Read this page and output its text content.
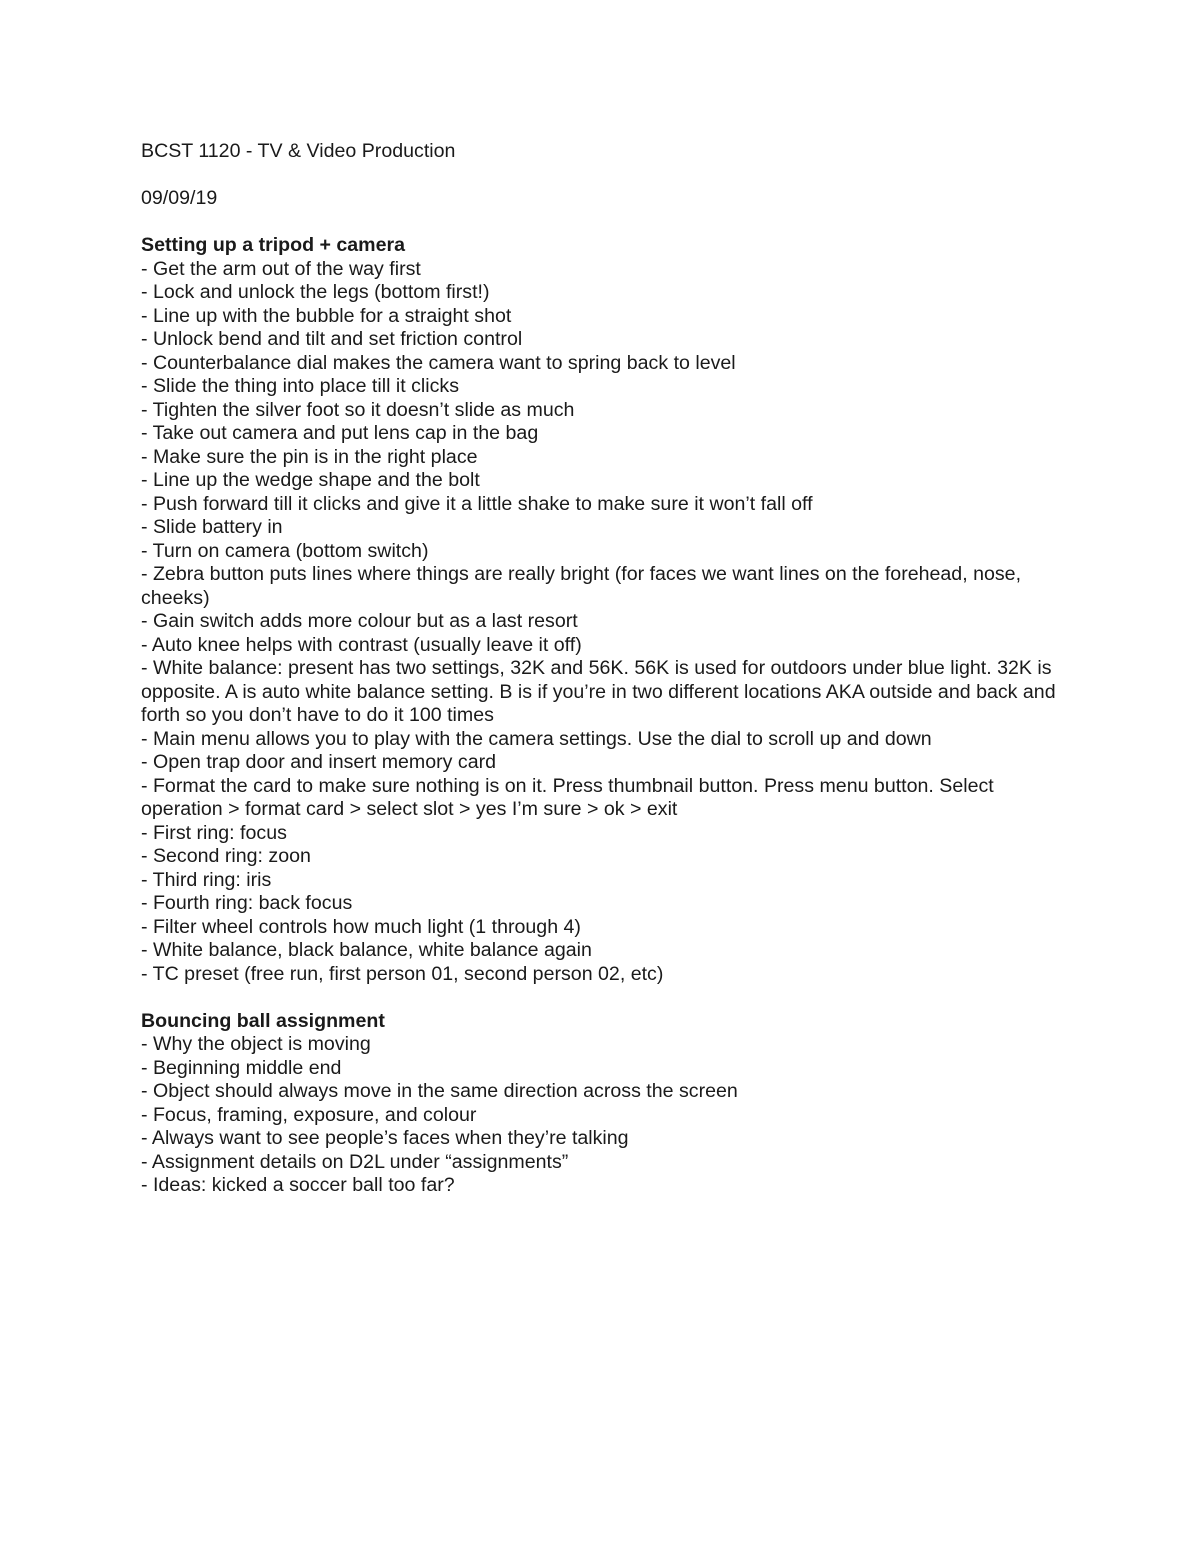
BCST 1120 - TV & Video Production

09/09/19

Setting up a tripod + camera

- Get the arm out of the way first
- Lock and unlock the legs (bottom first!)
- Line up with the bubble for a straight shot
- Unlock bend and tilt and set friction control
- Counterbalance dial makes the camera want to spring back to level
- Slide the thing into place till it clicks
- Tighten the silver foot so it doesn’t slide as much
- Take out camera and put lens cap in the bag
- Make sure the pin is in the right place
- Line up the wedge shape and the bolt
- Push forward till it clicks and give it a little shake to make sure it won’t fall off
- Slide battery in
- Turn on camera (bottom switch)
- Zebra button puts lines where things are really bright (for faces we want lines on the forehead, nose, cheeks)
- Gain switch adds more colour but as a last resort
- Auto knee helps with contrast (usually leave it off)
- White balance: present has two settings, 32K and 56K. 56K is used for outdoors under blue light. 32K is opposite. A is auto white balance setting. B is if you’re in two different locations AKA outside and back and forth so you don’t have to do it 100 times
- Main menu allows you to play with the camera settings. Use the dial to scroll up and down
- Open trap door and insert memory card
- Format the card to make sure nothing is on it. Press thumbnail button. Press menu button. Select operation > format card > select slot > yes I’m sure > ok > exit
- First ring: focus
- Second ring: zoon
- Third ring: iris
- Fourth ring: back focus
- Filter wheel controls how much light (1 through 4)
- White balance, black balance, white balance again
- TC preset (free run, first person 01, second person 02, etc)

Bouncing ball assignment

- Why the object is moving
- Beginning middle end
- Object should always move in the same direction across the screen
- Focus, framing, exposure, and colour
- Always want to see people’s faces when they’re talking
- Assignment details on D2L under “assignments”
- Ideas: kicked a soccer ball too far?
